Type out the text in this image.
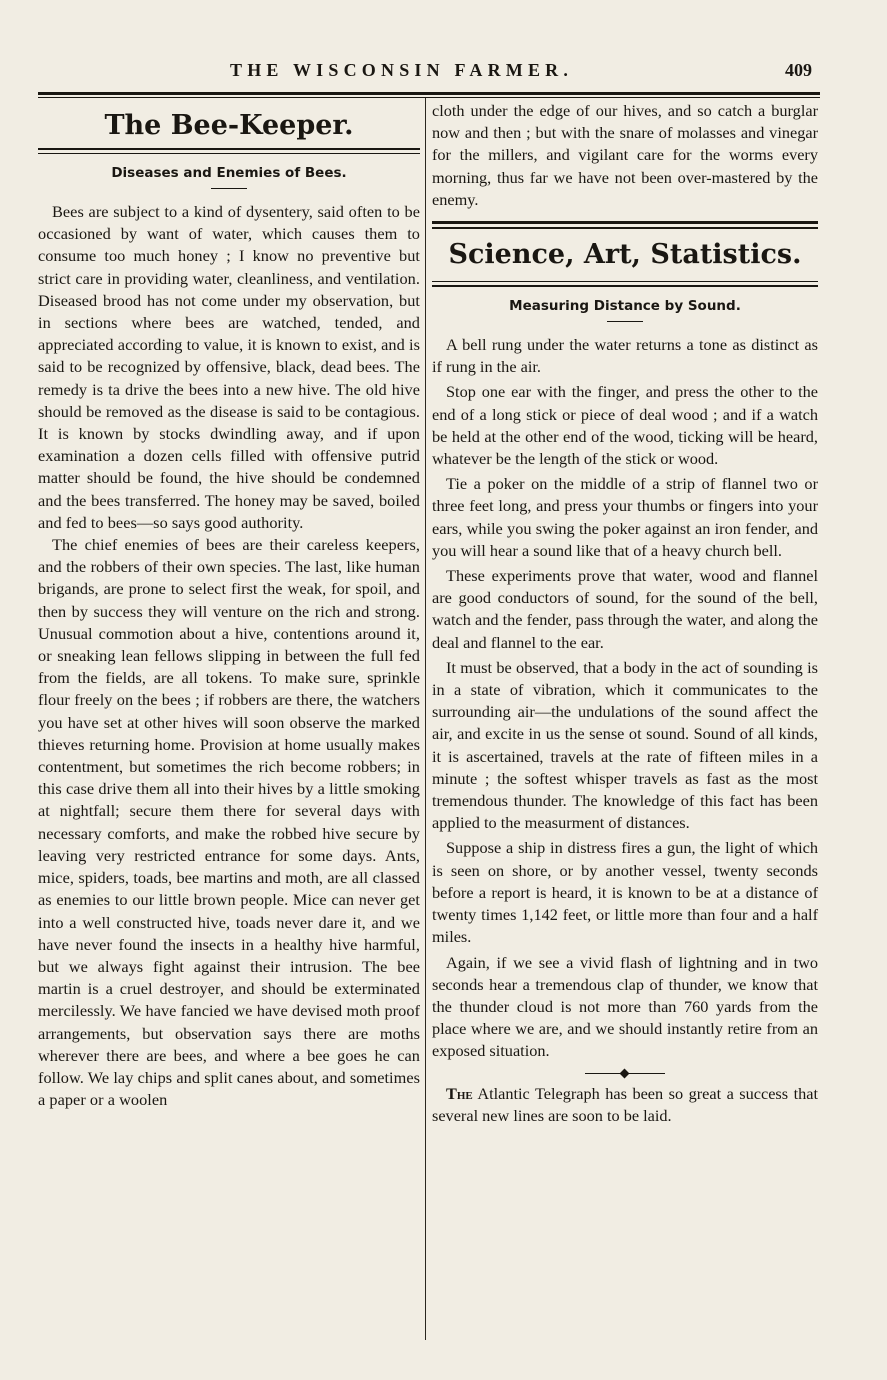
THE WISCONSIN FARMER.	409
The Bee-Keeper.
Diseases and Enemies of Bees.

Bees are subject to a kind of dysentery, said often to be occasioned by want of water, which causes them to consume too much honey ; I know no preventive but strict care in providing water, cleanliness, and ventilation. Diseased brood has not come under my observation, but in sections where bees are watched, tended, and appreciated according to value, it is known to exist, and is said to be recognized by offensive, black, dead bees. The remedy is ta drive the bees into a new hive. The old hive should be removed as the disease is said to be contagious. It is known by stocks dwindling away, and if upon examination a dozen cells filled with offensive putrid matter should be found, the hive should be condemned and the bees transferred. The honey may be saved, boiled and fed to bees—so says good authority.

The chief enemies of bees are their careless keepers, and the robbers of their own species. The last, like human brigands, are prone to select first the weak, for spoil, and then by success they will venture on the rich and strong. Unusual commotion about a hive, contentions around it, or sneaking lean fellows slipping in between the full fed from the fields, are all tokens. To make sure, sprinkle flour freely on the bees ; if robbers are there, the watchers you have set at other hives will soon observe the marked thieves returning home. Provision at home usually makes contentment, but sometimes the rich become robbers; in this case drive them all into their hives by a little smoking at nightfall; secure them there for several days with necessary comforts, and make the robbed hive secure by leaving very restricted entrance for some days. Ants, mice, spiders, toads, bee martins and moth, are all classed as enemies to our little brown people. Mice can never get into a well constructed hive, toads never dare it, and we have never found the insects in a healthy hive harmful, but we always fight against their intrusion. The bee martin is a cruel destroyer, and should be exterminated mercilessly. We have fancied we have devised moth proof arrangements, but observation says there are moths wherever there are bees, and where a bee goes he can follow. We lay chips and split canes about, and sometimes a paper or a woolen

cloth under the edge of our hives, and so catch a burglar now and then ; but with the snare of molasses and vinegar for the millers, and vigilant care for the worms every morning, thus far we have not been over-mastered by the enemy.

Science, Art, Statistics.
Measuring Distance by Sound.

A bell rung under the water returns a tone as distinct as if rung in the air.

Stop one ear with the finger, and press the other to the end of a long stick or piece of deal wood ; and if a watch be held at the other end of the wood, ticking will be heard, whatever be the length of the stick or wood.

Tie a poker on the middle of a strip of flannel two or three feet long, and press your thumbs or fingers into your ears, while you swing the poker against an iron fender, and you will hear a sound like that of a heavy church bell.

These experiments prove that water, wood and flannel are good conductors of sound, for the sound of the bell, watch and the fender, pass through the water, and along the deal and flannel to the ear.

It must be observed, that a body in the act of sounding is in a state of vibration, which it communicates to the surrounding air—the undulations of the sound affect the air, and excite in us the sense ot sound. Sound of all kinds, it is ascertained, travels at the rate of fifteen miles in a minute ; the softest whisper travels as fast as the most tremendous thunder. The knowledge of this fact has been applied to the measurment of distances.

Suppose a ship in distress fires a gun, the light of which is seen on shore, or by another vessel, twenty seconds before a report is heard, it is known to be at a distance of twenty times 1,142 feet, or little more than four and a half miles.

Again, if we see a vivid flash of lightning and in two seconds hear a tremendous clap of thunder, we know that the thunder cloud is not more than 760 yards from the place where we are, and we should instantly retire from an exposed situation.

The Atlantic Telegraph has been so great a success that several new lines are soon to be laid.
